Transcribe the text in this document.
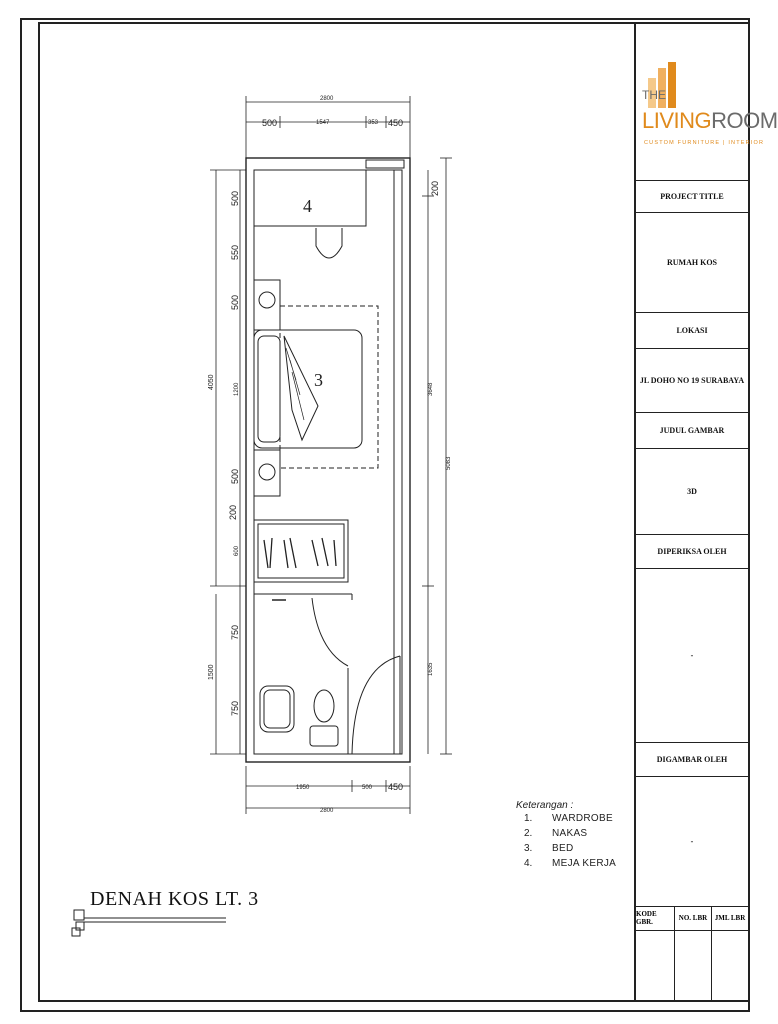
4
3
2800
500	1547	353 450
1950	500 450
2800
4050
1500
500
550
500
1200
500
200
600
750
750
200
3648
1635
5083
DENAH KOS LT. 3
Keterangan :
1.	WARDROBE
2.	NAKAS
3.	BED
4.	MEJA KERJA
THE
LIVINGROOM
CUSTOM FURNITURE | INTERIOR
PROJECT TITLE
RUMAH KOS
LOKASI
JL DOHO NO 19 SURABAYA
JUDUL GAMBAR
3D
DIPERIKSA OLEH
-
DIGAMBAR OLEH
-
KODE GBR.	NO. LBR	JML LBR
